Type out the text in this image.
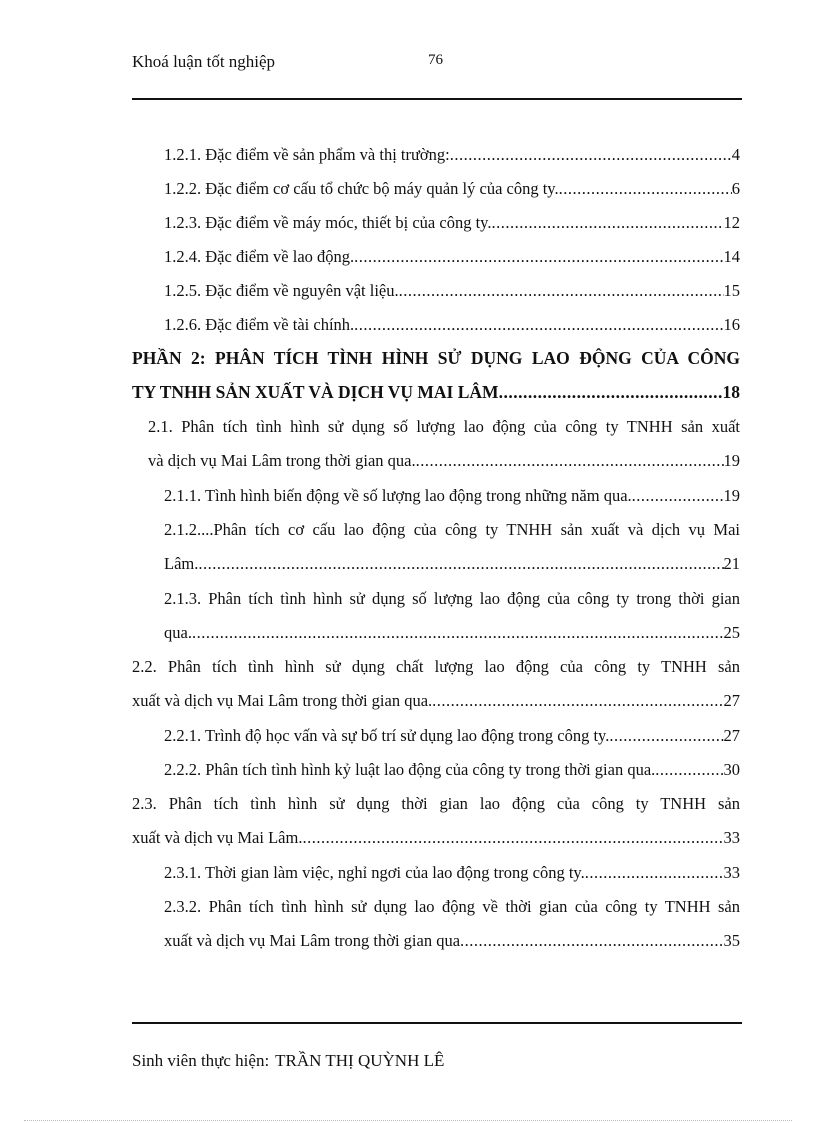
Khoá luận tốt nghiệp	76
1.2.1. Đặc điểm về sản phẩm và thị trường: .....	4
1.2.2. Đặc điểm cơ cấu tổ chức bộ máy quản lý của công ty. .....	6
1.2.3. Đặc điểm về máy móc, thiết bị của công ty. .....	12
1.2.4. Đặc điểm về lao động. .....	14
1.2.5. Đặc điểm về nguyên vật liệu. .....	15
1.2.6. Đặc điểm về tài chính. .....	16
PHẦN 2: PHÂN TÍCH TÌNH HÌNH SỬ DỤNG LAO ĐỘNG CỦA CÔNG
TY TNHH SẢN XUẤT VÀ DỊCH VỤ MAI LÂM .....	18
2.1. Phân tích tình hình sử dụng số lượng lao động của công ty TNHH sản xuất
và dịch vụ Mai Lâm trong thời gian qua. .....	19
2.1.1. Tình hình biến động về số lượng lao động trong những năm qua. .....	19
2.1.2....Phân tích cơ cấu lao động của công ty TNHH sản xuất và dịch vụ Mai
Lâm. .....	21
2.1.3. Phân tích tình hình sử dụng số lượng lao động của công ty trong thời gian
qua. .....	25
2.2. Phân tích tình hình sử dụng chất lượng lao động của công ty TNHH sản
xuất và dịch vụ Mai Lâm trong thời gian qua. .....	27
2.2.1. Trình độ học vấn và sự bố trí sử dụng lao động trong công ty. .....	27
2.2.2. Phân tích tình hình kỷ luật lao động của công ty trong thời gian qua. .....	30
2.3. Phân tích tình hình sử dụng thời gian lao động của công ty TNHH sản
xuất và dịch vụ Mai Lâm. .....	33
2.3.1. Thời gian làm việc, nghỉ ngơi của lao động trong công ty. .....	33
2.3.2. Phân tích tình hình sử dụng lao động về thời gian của công ty TNHH sản
xuất và dịch vụ Mai Lâm trong thời gian qua .....	35
Sinh viên thực hiện: TRẦN THỊ QUỲNH LÊ
